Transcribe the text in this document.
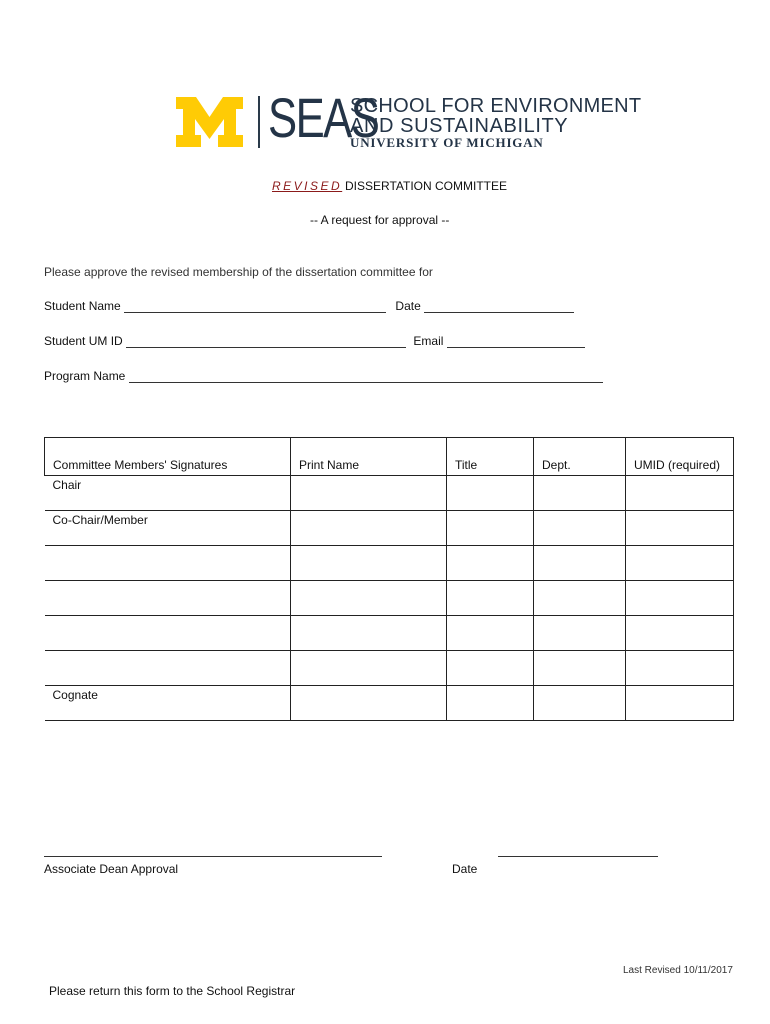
SEAS
SCHOOL FOR ENVIRONMENT
AND SUSTAINABILITY
UNIVERSITY OF MICHIGAN
REVISED DISSERTATION COMMITTEE
-- A request for approval --
Please approve the revised membership of the dissertation committee for
Student Name	Date
Student UM ID	Email
Program Name
Committee Members' Signatures	Print Name	Title	Dept.	UMID (required)

Chair				

Co-Chair/Member				

Cognate				

Associate Dean Approval	Date
Last Revised 10/11/2017
Please return this form to the School Registrar
